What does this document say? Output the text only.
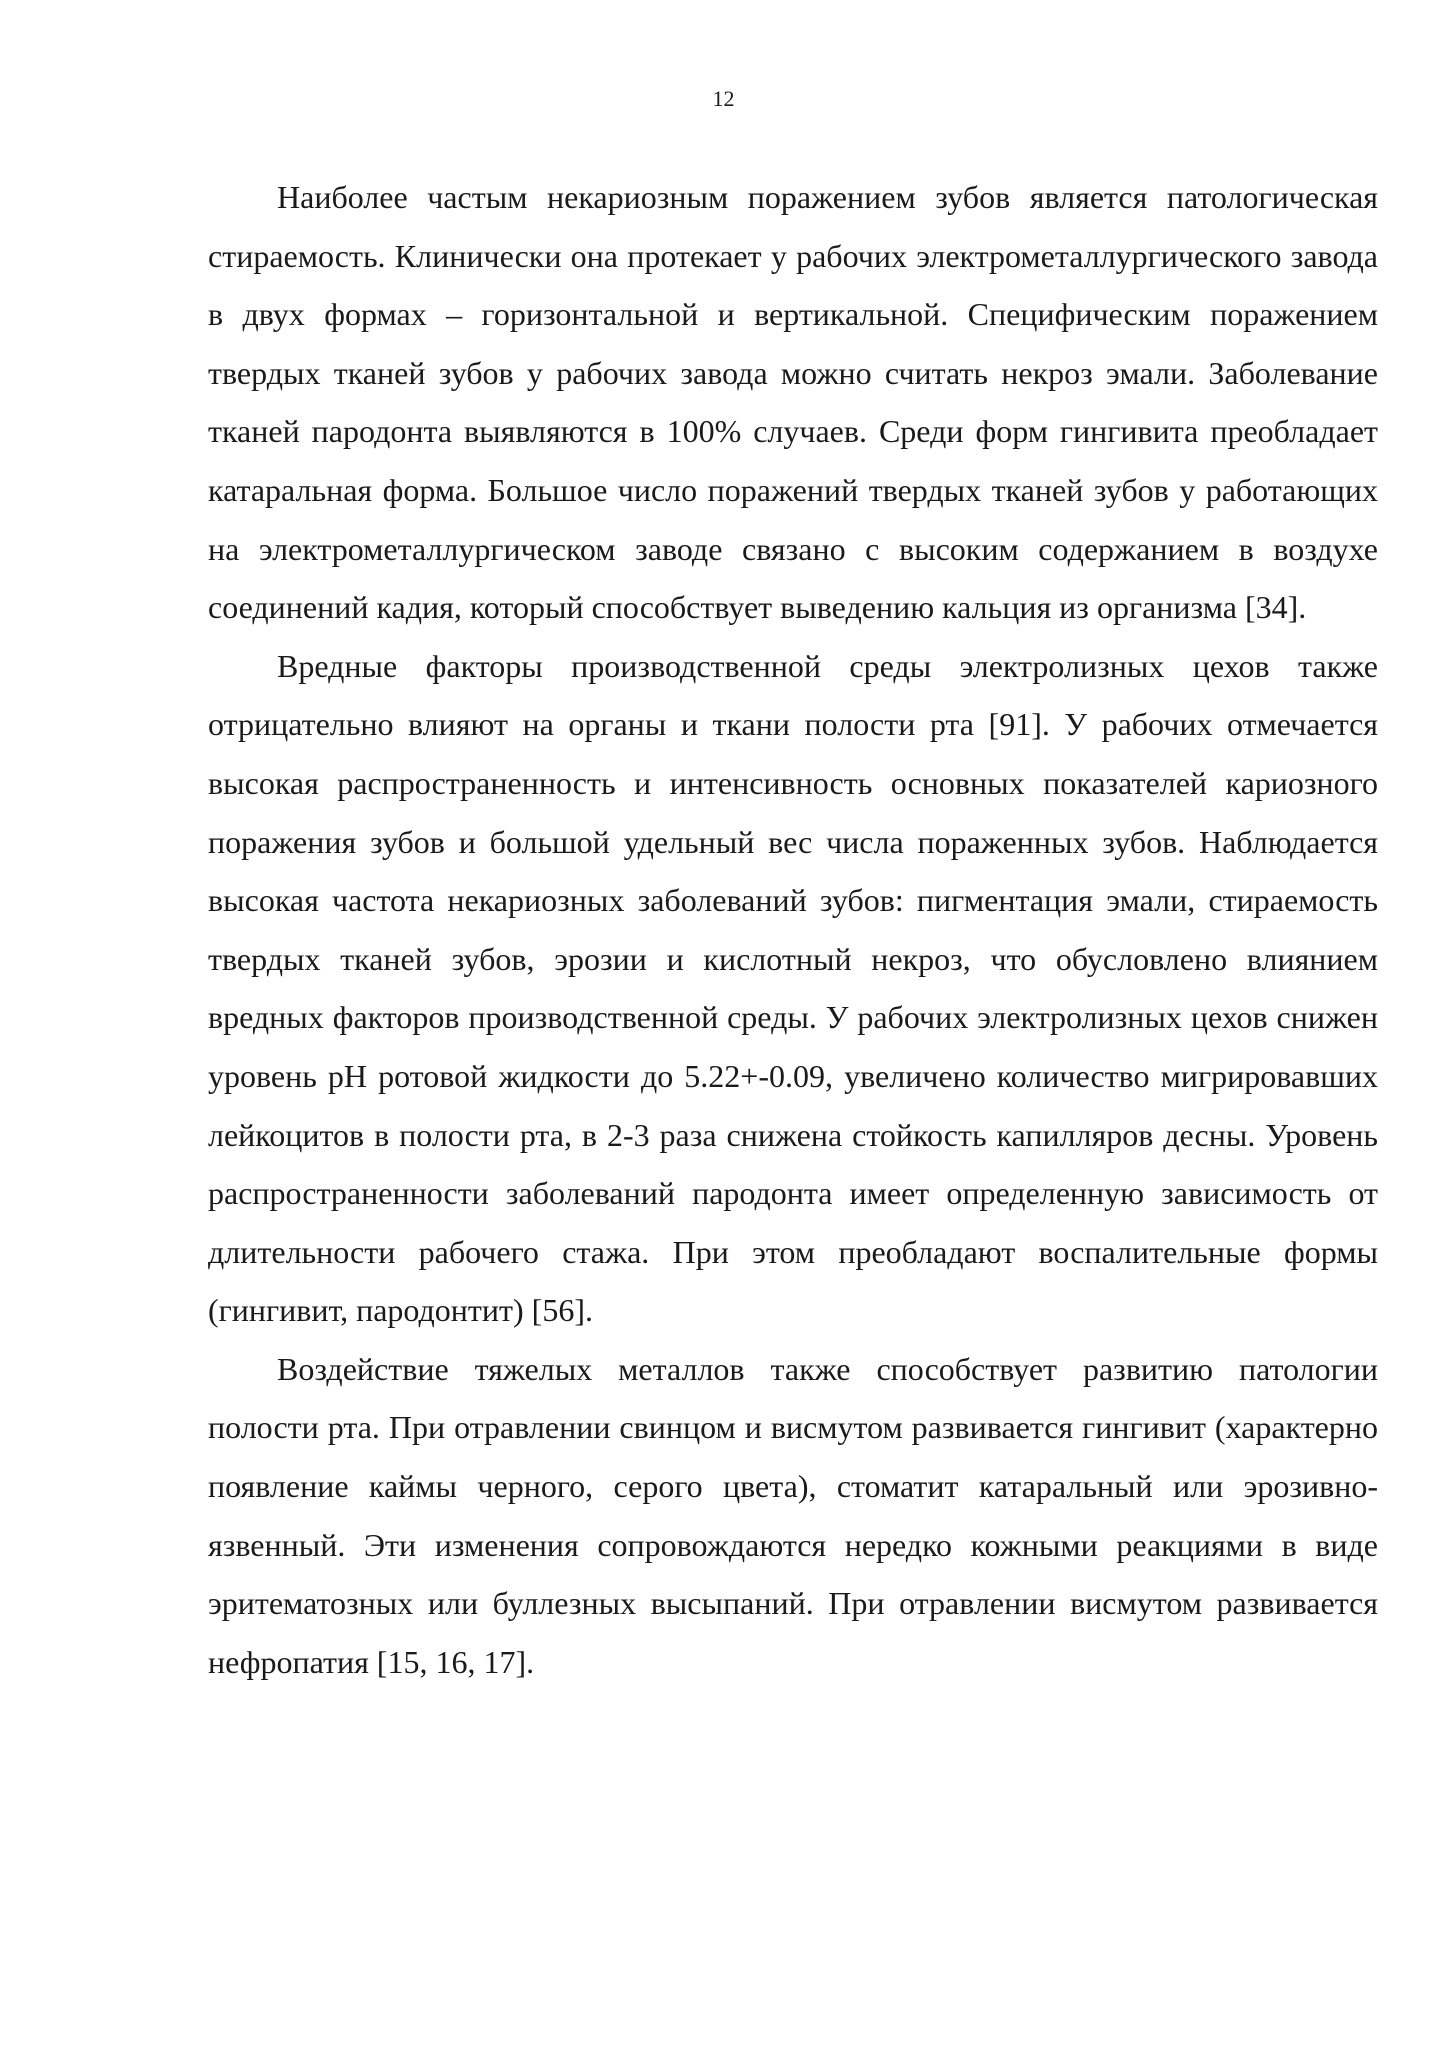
12

Наиболее частым некариозным поражением зубов является патологическая стираемость. Клинически она протекает у рабочих электрометаллургического завода в двух формах – горизонтальной и вертикальной. Специфическим поражением твердых тканей зубов у рабочих завода можно считать некроз эмали. Заболевание тканей пародонта выявляются в 100% случаев. Среди форм гингивита преобладает катаральная форма. Большое число поражений твердых тканей зубов у работающих на электрометаллургическом заводе связано с высоким содержанием в воздухе соединений кадия, который способствует выведению кальция из организма [34].

Вредные факторы производственной среды электролизных цехов также отрицательно влияют на органы и ткани полости рта [91]. У рабочих отмечается высокая распространенность и интенсивность основных показателей кариозного поражения зубов и большой удельный вес числа пораженных зубов. Наблюдается высокая частота некариозных заболеваний зубов: пигментация эмали, стираемость твердых тканей зубов, эрозии и кислотный некроз, что обусловлено влиянием вредных факторов производственной среды. У рабочих электролизных цехов снижен уровень pH ротовой жидкости до 5.22+-0.09, увеличено количество мигрировавших лейкоцитов в полости рта, в 2-3 раза снижена стойкость капилляров десны. Уровень распространенности заболеваний пародонта имеет определенную зависимость от длительности рабочего стажа. При этом преобладают воспалительные формы (гингивит, пародонтит) [56].

Воздействие тяжелых металлов также способствует развитию патологии полости рта. При отравлении свинцом и висмутом развивается гингивит (характерно появление каймы черного, серого цвета), стоматит катаральный или эрозивно-язвенный. Эти изменения сопровождаются нередко кожными реакциями в виде эритематозных или буллезных высыпаний. При отравлении висмутом развивается нефропатия [15, 16, 17].
